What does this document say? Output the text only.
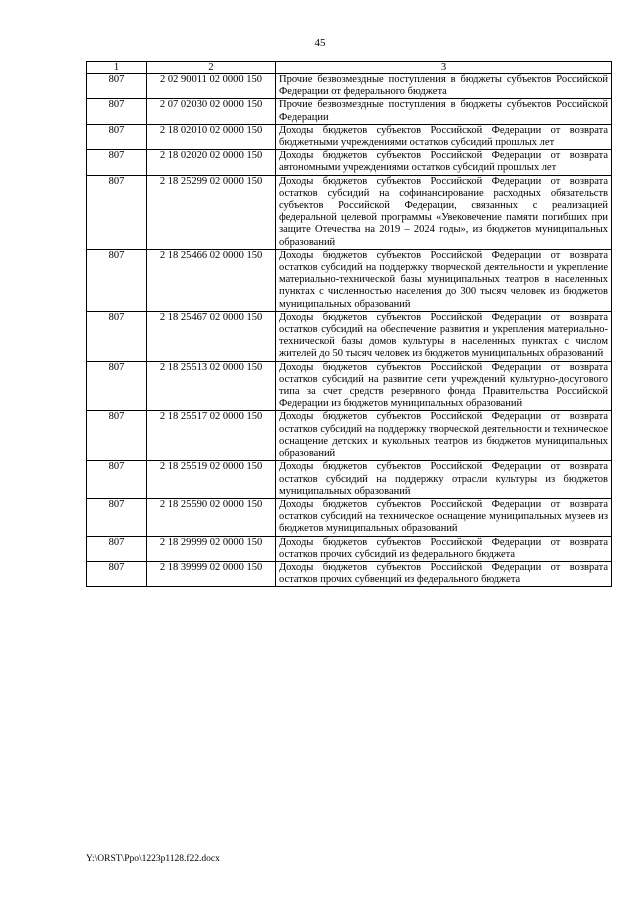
45
1	2	3
807	2 02 90011 02 0000 150	Прочие безвозмездные поступления в бюджеты субъектов Российской Федерации от федерального бюджета
807	2 07 02030 02 0000 150	Прочие безвозмездные поступления в бюджеты субъектов Российской Федерации
807	2 18 02010 02 0000 150	Доходы бюджетов субъектов Российской Федерации от возврата бюджетными учреждениями остатков субсидий прошлых лет
807	2 18 02020 02 0000 150	Доходы бюджетов субъектов Российской Федерации от возврата автономными учреждениями остатков субсидий прошлых лет
807	2 18 25299 02 0000 150	Доходы бюджетов субъектов Российской Федерации от возврата остатков субсидий на софинансирование расходных обязательств субъектов Российской Федерации, связанных с реализацией федеральной целевой программы «Увековечение памяти погибших при защите Отечества на 2019 – 2024 годы», из бюджетов муниципальных образований
807	2 18 25466 02 0000 150	Доходы бюджетов субъектов Российской Федерации от возврата остатков субсидий на поддержку творческой деятельности и укрепление материально-технической базы муниципальных театров в населенных пунктах с численностью населения до 300 тысяч человек из бюджетов муниципальных образований
807	2 18 25467 02 0000 150	Доходы бюджетов субъектов Российской Федерации от возврата остатков субсидий на обеспечение развития и укрепления материально-технической базы домов культуры в населенных пунктах с числом жителей до 50 тысяч человек из бюджетов муниципальных образований
807	2 18 25513 02 0000 150	Доходы бюджетов субъектов Российской Федерации от возврата остатков субсидий на развитие сети учреждений культурно-досугового типа за счет средств резервного фонда Правительства Российской Федерации из бюджетов муниципальных образований
807	2 18 25517 02 0000 150	Доходы бюджетов субъектов Российской Федерации от возврата остатков субсидий на поддержку творческой деятельности и техническое оснащение детских и кукольных театров из бюджетов муниципальных образований
807	2 18 25519 02 0000 150	Доходы бюджетов субъектов Российской Федерации от возврата остатков субсидий на поддержку отрасли культуры из бюджетов муниципальных образований
807	2 18 25590 02 0000 150	Доходы бюджетов субъектов Российской Федерации от возврата остатков субсидий на техническое оснащение муниципальных музеев из бюджетов муниципальных образований
807	2 18 29999 02 0000 150	Доходы бюджетов субъектов Российской Федерации от возврата остатков прочих субсидий из федерального бюджета
807	2 18 39999 02 0000 150	Доходы бюджетов субъектов Российской Федерации от возврата остатков прочих субвенций из федерального бюджета
Y:\ORST\Ppo\1223p1128.f22.docx
